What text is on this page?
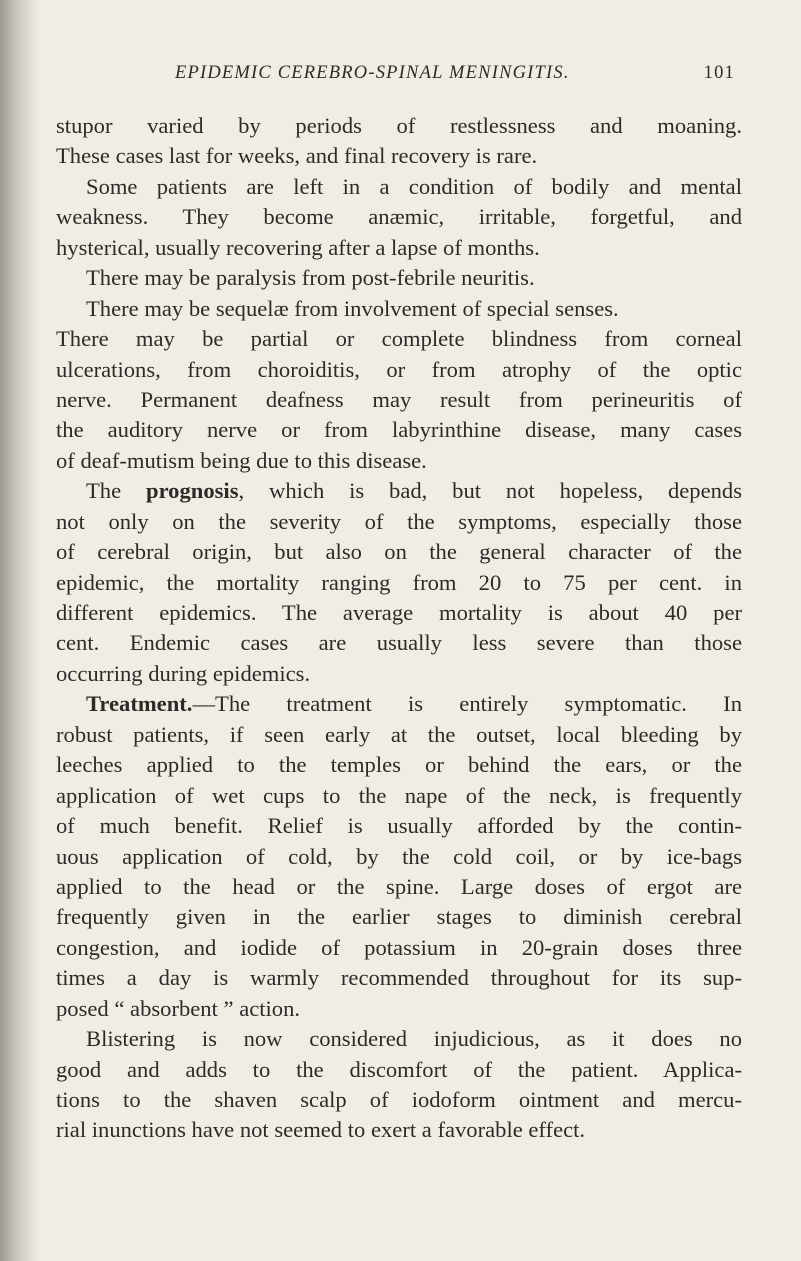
EPIDEMIC CEREBRO-SPINAL MENINGITIS.	101
stupor varied by periods of restlessness and moaning.
These cases last for weeks, and final recovery is rare.
Some patients are left in a condition of bodily and mental
weakness. They become anæmic, irritable, forgetful, and
hysterical, usually recovering after a lapse of months.
There may be paralysis from post-febrile neuritis.
There may be sequelæ from involvement of special senses.
There may be partial or complete blindness from corneal
ulcerations, from choroiditis, or from atrophy of the optic
nerve. Permanent deafness may result from perineuritis of
the auditory nerve or from labyrinthine disease, many cases
of deaf-mutism being due to this disease.
The prognosis, which is bad, but not hopeless, depends
not only on the severity of the symptoms, especially those
of cerebral origin, but also on the general character of the
epidemic, the mortality ranging from 20 to 75 per cent. in
different epidemics. The average mortality is about 40 per
cent. Endemic cases are usually less severe than those
occurring during epidemics.
Treatment.—The treatment is entirely symptomatic. In
robust patients, if seen early at the outset, local bleeding by
leeches applied to the temples or behind the ears, or the
application of wet cups to the nape of the neck, is frequently
of much benefit. Relief is usually afforded by the contin-
uous application of cold, by the cold coil, or by ice-bags
applied to the head or the spine. Large doses of ergot are
frequently given in the earlier stages to diminish cerebral
congestion, and iodide of potassium in 20-grain doses three
times a day is warmly recommended throughout for its sup-
posed “ absorbent ” action.
Blistering is now considered injudicious, as it does no
good and adds to the discomfort of the patient. Applica-
tions to the shaven scalp of iodoform ointment and mercu-
rial inunctions have not seemed to exert a favorable effect.
